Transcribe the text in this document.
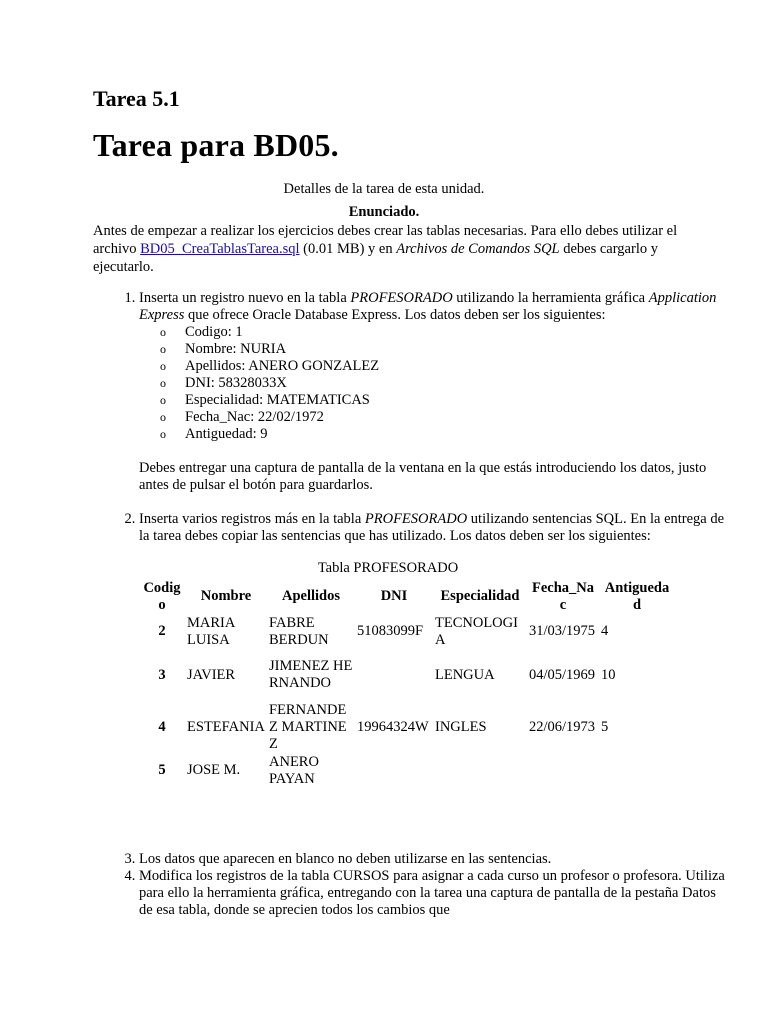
Tarea 5.1
Tarea para BD05.
Detalles de la tarea de esta unidad.
Enunciado.
Antes de empezar a realizar los ejercicios debes crear las tablas necesarias. Para ello debes utilizar el archivo BD05_CreaTablasTarea.sql (0.01 MB) y en Archivos de Comandos SQL debes cargarlo y ejecutarlo.
1. Inserta un registro nuevo en la tabla PROFESORADO utilizando la herramienta gráfica Application Express que ofrece Oracle Database Express. Los datos deben ser los siguientes:
o Codigo: 1
o Nombre: NURIA
o Apellidos: ANERO GONZALEZ
o DNI: 58328033X
o Especialidad: MATEMATICAS
o Fecha_Nac: 22/02/1972
o Antiguedad: 9
Debes entregar una captura de pantalla de la ventana en la que estás introduciendo los datos, justo antes de pulsar el botón para guardarlos.
2. Inserta varios registros más en la tabla PROFESORADO utilizando sentencias SQL. En la entrega de la tarea debes copiar las sentencias que has utilizado. Los datos deben ser los siguientes:
Tabla PROFESORADO
Codigo	Nombre	Apellidos	DNI	Especialidad	Fecha_Nac	Antiguedad
2	MARIA LUISA	FABRE BERDUN	51083099F	TECNOLOGIA	31/03/1975	4
3	JAVIER	JIMENEZ HERNANDO		LENGUA	04/05/1969	10
4	ESTEFANIA	FERNANDEZ MARTINEZ	19964324W	INGLES	22/06/1973	5
5	JOSE M.	ANERO PAYAN				
3. Los datos que aparecen en blanco no deben utilizarse en las sentencias.
4. Modifica los registros de la tabla CURSOS para asignar a cada curso un profesor o profesora. Utiliza para ello la herramienta gráfica, entregando con la tarea una captura de pantalla de la pestaña Datos de esa tabla, donde se aprecien todos los cambios que
